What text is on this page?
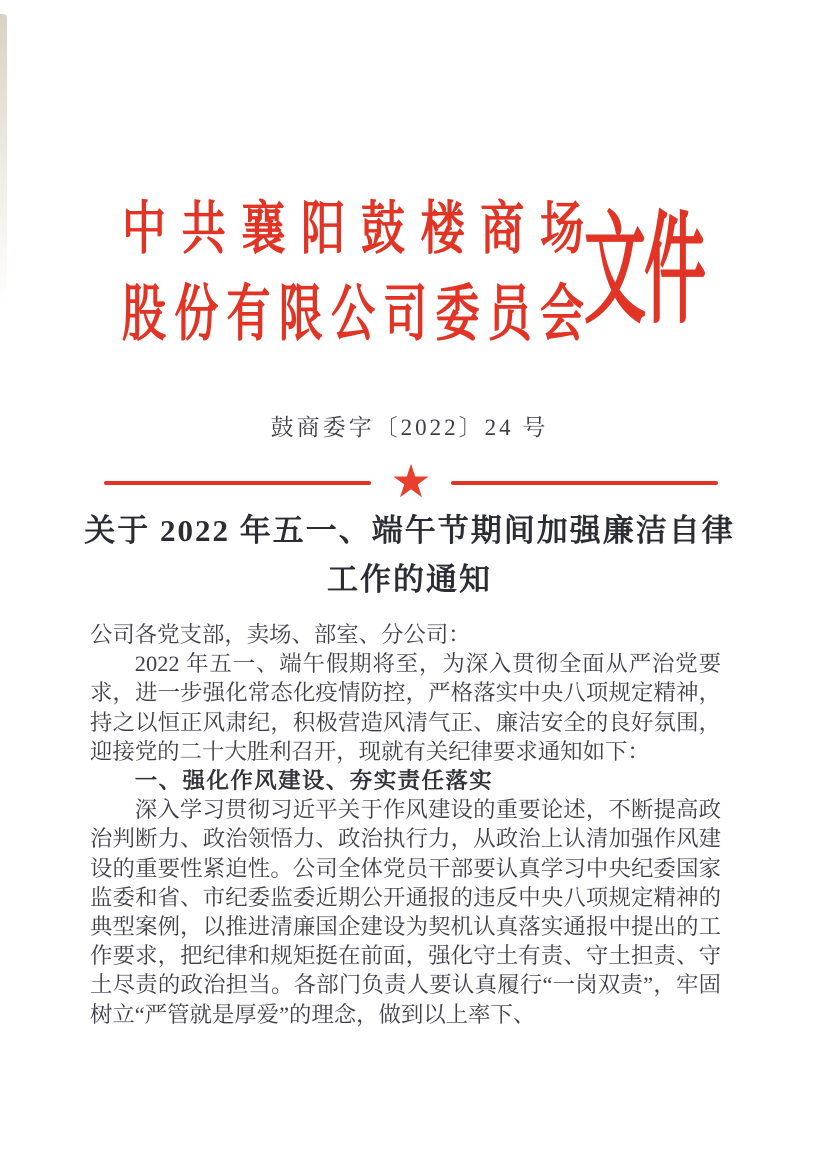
中共襄阳鼓楼商场
股份有限公司委员会 文件
鼓商委字〔2022〕24 号
★
关于 2022 年五一、端午节期间加强廉洁自律
工作的通知

公司各党支部，卖场、部室、分公司：

2022 年五一、端午假期将至，为深入贯彻全面从严治党要求，进一步强化常态化疫情防控，严格落实中央八项规定精神，持之以恒正风肃纪，积极营造风清气正、廉洁安全的良好氛围，迎接党的二十大胜利召开，现就有关纪律要求通知如下：

一、强化作风建设、夯实责任落实

深入学习贯彻习近平关于作风建设的重要论述，不断提高政治判断力、政治领悟力、政治执行力，从政治上认清加强作风建设的重要性紧迫性。公司全体党员干部要认真学习中央纪委国家监委和省、市纪委监委近期公开通报的违反中央八项规定精神的典型案例，以推进清廉国企建设为契机认真落实通报中提出的工作要求，把纪律和规矩挺在前面，强化守土有责、守土担责、守土尽责的政治担当。各部门负责人要认真履行“一岗双责”，牢固树立“严管就是厚爱”的理念，做到以上率下、
